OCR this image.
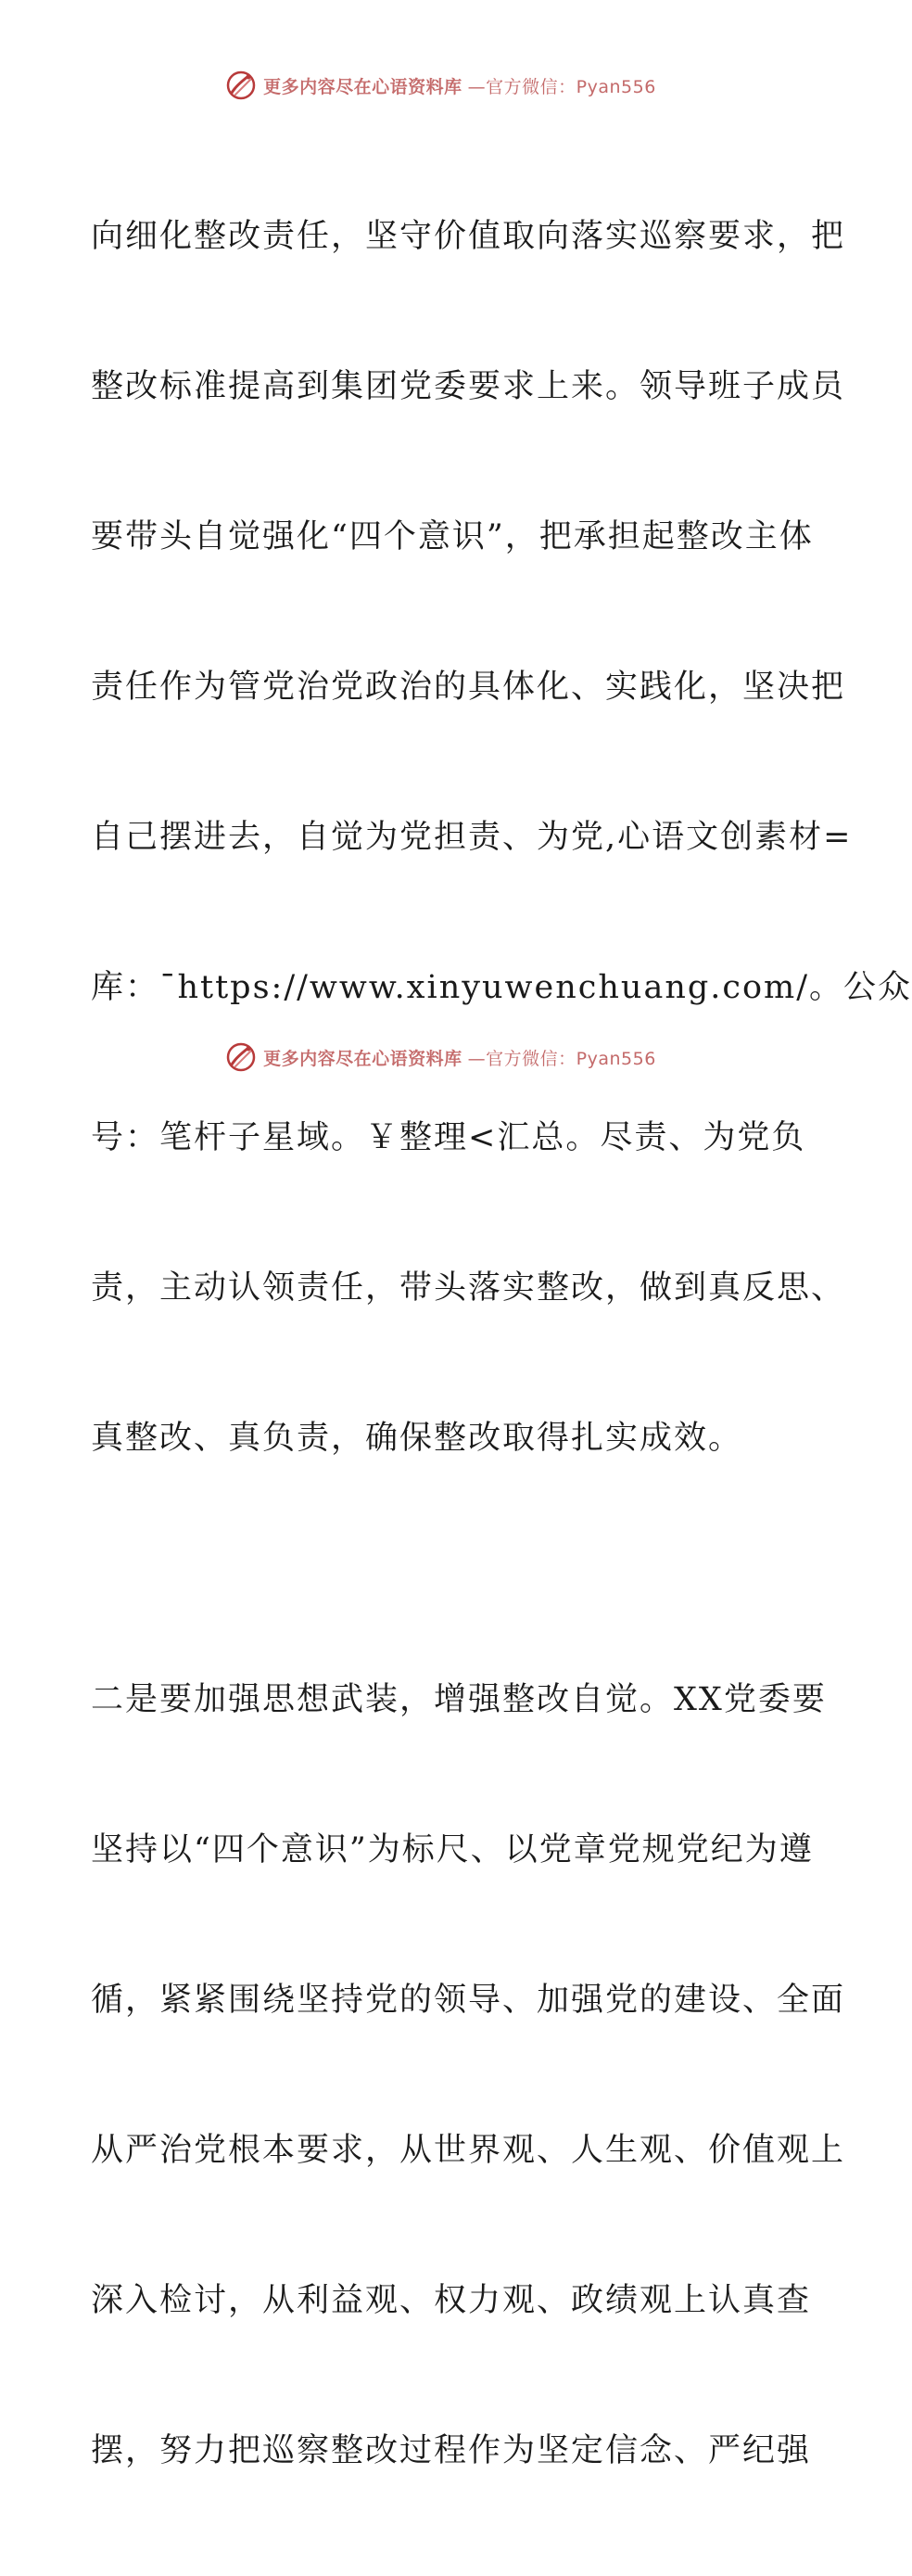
更多内容尽在心语资料库 —官方微信：Pyan556

向细化整改责任，坚守价值取向落实巡察要求，把

整改标准提高到集团党委要求上来。领导班子成员

要带头自觉强化“四个意识”，把承担起整改主体

责任作为管党治党政治的具体化、实践化，坚决把

自己摆进去，自觉为党担责、为党,心语文创素材=

库：¯https://www.xinyuwenchuang.com/。公众

号：笔杆子星域。￥整理<汇总。尽责、为党负

责，主动认领责任，带头落实整改，做到真反思、

真整改、真负责，确保整改取得扎实成效。

二是要加强思想武装，增强整改自觉。XX党委要

坚持以“四个意识”为标尺、以党章党规党纪为遵

循，紧紧围绕坚持党的领导、加强党的建设、全面

从严治党根本要求，从世界观、人生观、价值观上

深入检讨，从利益观、权力观、政绩观上认真查

摆，努力把巡察整改过程作为坚定信念、严纪强

更多内容尽在心语资料库 —官方微信：Pyan556
